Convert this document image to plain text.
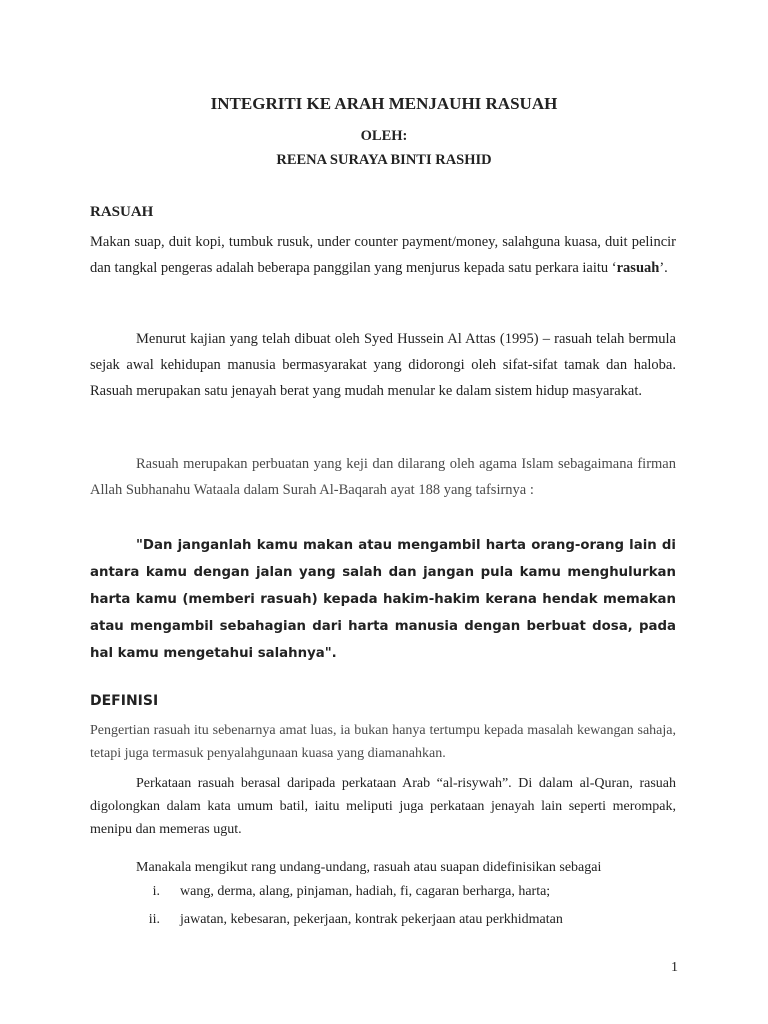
INTEGRITI KE ARAH MENJAUHI RASUAH
OLEH:
REENA SURAYA BINTI RASHID
RASUAH

Makan suap, duit kopi, tumbuk rusuk, under counter payment/money, salahguna kuasa, duit pelincir dan tangkal pengeras adalah beberapa panggilan yang menjurus kepada satu perkara iaitu ‘rasuah’.

Menurut kajian yang telah dibuat oleh Syed Hussein Al Attas (1995) – rasuah telah bermula sejak awal kehidupan manusia bermasyarakat yang didorongi oleh sifat-sifat tamak dan haloba. Rasuah merupakan satu jenayah berat yang mudah menular ke dalam sistem hidup masyarakat.

Rasuah merupakan perbuatan yang keji dan dilarang oleh agama Islam sebagaimana firman Allah Subhanahu Wataala dalam Surah Al-Baqarah ayat 188 yang tafsirnya :

"Dan janganlah kamu makan atau mengambil harta orang-orang lain di antara kamu dengan jalan yang salah dan jangan pula kamu menghulurkan harta kamu (memberi rasuah) kepada hakim-hakim kerana hendak memakan atau mengambil sebahagian dari harta manusia dengan berbuat dosa, pada hal kamu mengetahui salahnya".

DEFINISI

Pengertian rasuah itu sebenarnya amat luas, ia bukan hanya tertumpu kepada masalah kewangan sahaja, tetapi juga termasuk penyalahgunaan kuasa yang diamanahkan.

Perkataan rasuah berasal daripada perkataan Arab “al-risywah”. Di dalam al-Quran, rasuah digolongkan dalam kata umum batil, iaitu meliputi juga perkataan jenayah lain seperti merompak, menipu dan memeras ugut.

Manakala mengikut rang undang-undang, rasuah atau suapan didefinisikan sebagai

i. wang, derma, alang, pinjaman, hadiah, fi, cagaran berharga, harta;
ii. jawatan, kebesaran, pekerjaan, kontrak pekerjaan atau perkhidmatan
1
